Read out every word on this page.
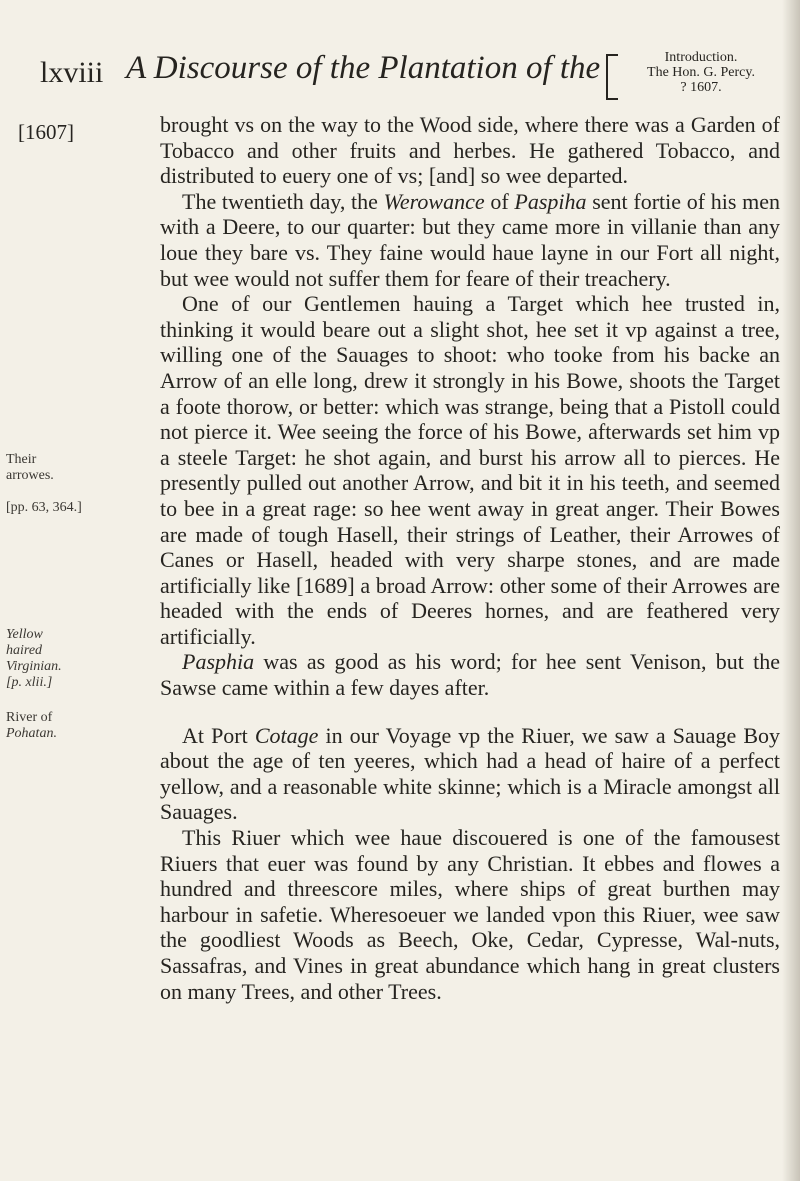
lxviii A Discourse of the Plantation of the	Introduction.
The Hon. G. Percy.
? 1607.
[1607]
Their
arrowes.
[pp. 63, 364.]
Yellow
haired
Virginian.
[p. xlii.]
River of
Pohatan.

brought vs on the way to the Wood side, where there was a Garden of Tobacco and other fruits and herbes. He gathered Tobacco, and distributed to euery one of vs; [and] so wee departed.

The twentieth day, the Werowance of Paspiha sent fortie of his men with a Deere, to our quarter: but they came more in villanie than any loue they bare vs. They faine would haue layne in our Fort all night, but wee would not suffer them for feare of their treachery.

One of our Gentlemen hauing a Target which hee trusted in, thinking it would beare out a slight shot, hee set it vp against a tree, willing one of the Sauages to shoot: who tooke from his backe an Arrow of an elle long, drew it strongly in his Bowe, shoots the Target a foote thorow, or better: which was strange, being that a Pistoll could not pierce it. Wee seeing the force of his Bowe, afterwards set him vp a steele Target: he shot again, and burst his arrow all to pierces. He presently pulled out another Arrow, and bit it in his teeth, and seemed to bee in a great rage: so hee went away in great anger. Their Bowes are made of tough Hasell, their strings of Leather, their Arrowes of Canes or Hasell, headed with very sharpe stones, and are made artificially like [1689] a broad Arrow: other some of their Arrowes are headed with the ends of Deeres hornes, and are feathered very artificially.

Pasphia was as good as his word; for hee sent Venison, but the Sawse came within a few dayes after.

At Port Cotage in our Voyage vp the Riuer, we saw a Sauage Boy about the age of ten yeeres, which had a head of haire of a perfect yellow, and a reasonable white skinne; which is a Miracle amongst all Sauages.

This Riuer which wee haue discouered is one of the famousest Riuers that euer was found by any Christian. It ebbes and flowes a hundred and threescore miles, where ships of great burthen may harbour in safetie. Wheresoeuer we landed vpon this Riuer, wee saw the goodliest Woods as Beech, Oke, Cedar, Cypresse, Wal-nuts, Sassafras, and Vines in great abundance which hang in great clusters on many Trees, and other Trees.
